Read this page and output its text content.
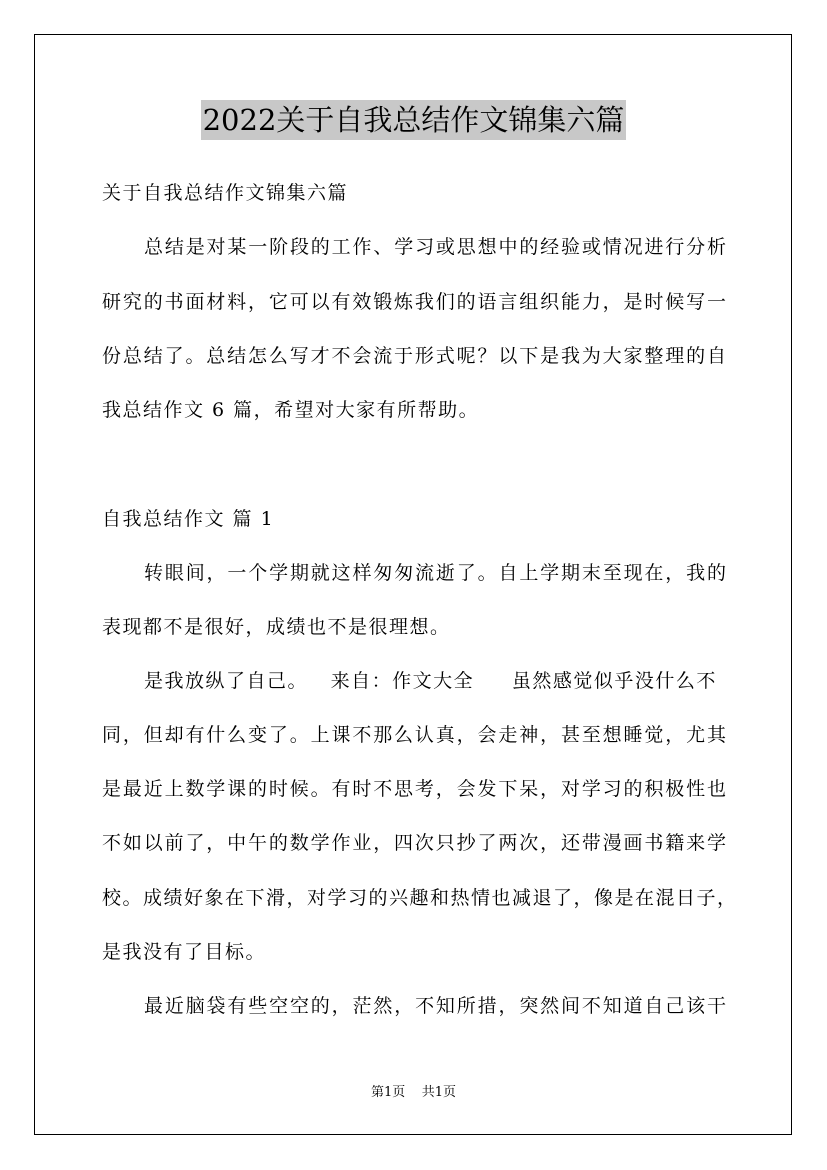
2022关于自我总结作文锦集六篇
关于自我总结作文锦集六篇
总结是对某一阶段的工作、学习或思想中的经验或情况进行分析
研究的书面材料，它可以有效锻炼我们的语言组织能力，是时候写一
份总结了。总结怎么写才不会流于形式呢？以下是我为大家整理的自
我总结作文 6 篇，希望对大家有所帮助。
自我总结作文 篇 1
转眼间，一个学期就这样匆匆流逝了。自上学期末至现在，我的
表现都不是很好，成绩也不是很理想。
是我放纵了自己。   来自：作文大全     虽然感觉似乎没什么不
同，但却有什么变了。上课不那么认真，会走神，甚至想睡觉，尤其
是最近上数学课的时候。有时不思考，会发下呆，对学习的积极性也
不如以前了，中午的数学作业，四次只抄了两次，还带漫画书籍来学
校。成绩好象在下滑，对学习的兴趣和热情也减退了，像是在混日子，
是我没有了目标。
最近脑袋有些空空的，茫然，不知所措，突然间不知道自己该干
第1页 共1页
